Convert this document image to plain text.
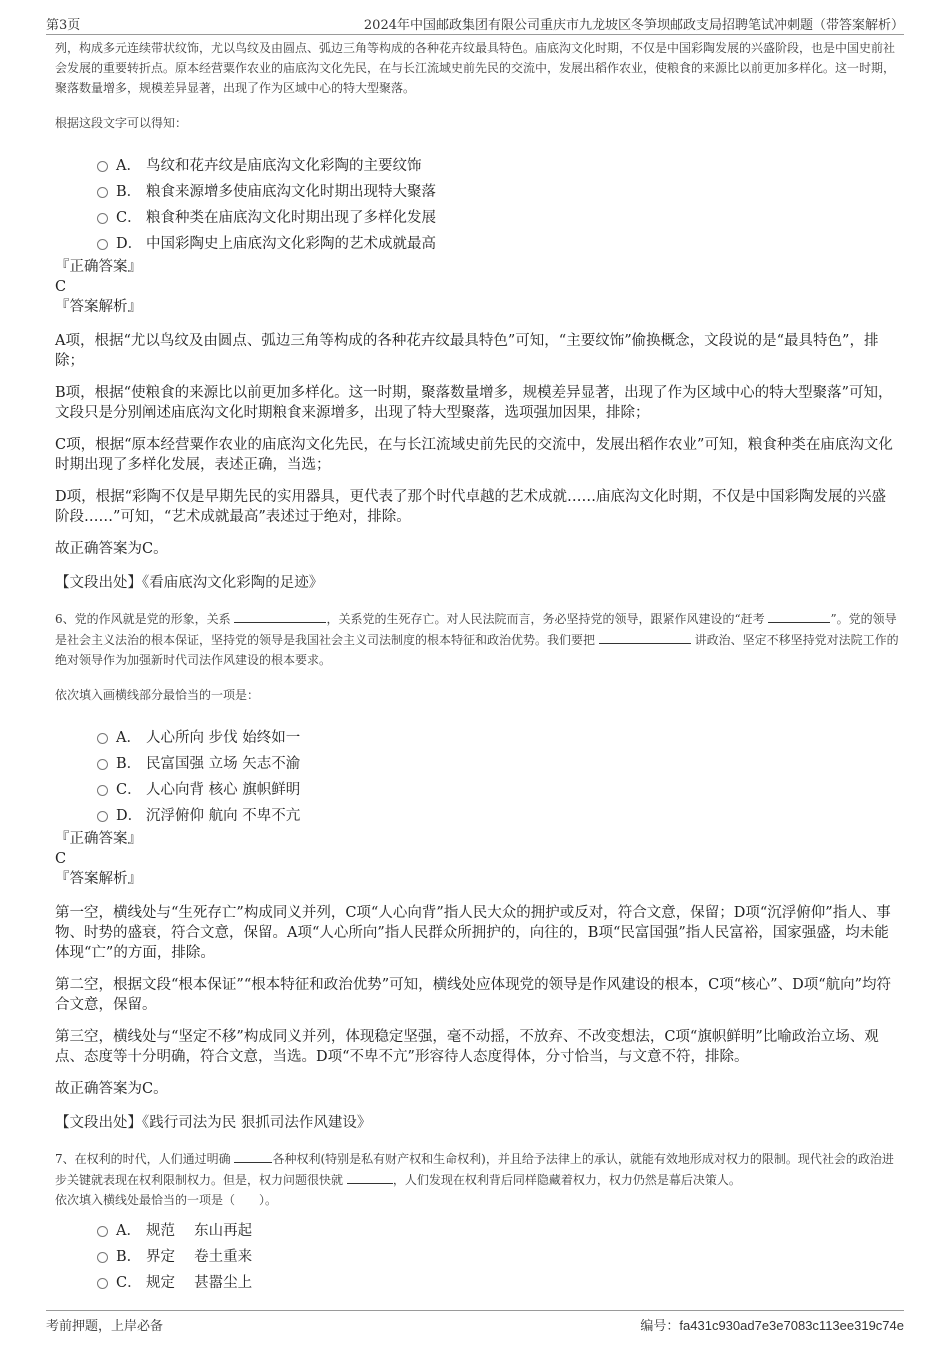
第3页	2024年中国邮政集团有限公司重庆市九龙坡区冬笋坝邮政支局招聘笔试冲刺题（带答案解析）

列，构成多元连续带状纹饰，尤以鸟纹及由圆点、弧边三角等构成的各种花卉纹最具特色。庙底沟文化时期，不仅是中国彩陶发展的兴盛阶段，也是中国史前社会发展的重要转折点。原本经营粟作农业的庙底沟文化先民，在与长江流域史前先民的交流中，发展出稻作农业，使粮食的来源比以前更加多样化。这一时期，聚落数量增多，规模差异显著，出现了作为区域中心的特大型聚落。

根据这段文字可以得知：
A． 鸟纹和花卉纹是庙底沟文化彩陶的主要纹饰
B． 粮食来源增多使庙底沟文化时期出现特大聚落
C． 粮食种类在庙底沟文化时期出现了多样化发展
D． 中国彩陶史上庙底沟文化彩陶的艺术成就最高
『正确答案』
C
『答案解析』

A项，根据“尤以鸟纹及由圆点、弧边三角等构成的各种花卉纹最具特色”可知，“主要纹饰”偷换概念，文段说的是“最具特色”，排除；

B项，根据“使粮食的来源比以前更加多样化。这一时期，聚落数量增多，规模差异显著，出现了作为区域中心的特大型聚落”可知，文段只是分别阐述庙底沟文化时期粮食来源增多，出现了特大型聚落，选项强加因果，排除；

C项，根据“原本经营粟作农业的庙底沟文化先民，在与长江流域史前先民的交流中，发展出稻作农业”可知，粮食种类在庙底沟文化时期出现了多样化发展，表述正确，当选；

D项，根据“彩陶不仅是早期先民的实用器具，更代表了那个时代卓越的艺术成就……庙底沟文化时期，不仅是中国彩陶发展的兴盛阶段……”可知，“艺术成就最高”表述过于绝对，排除。

故正确答案为C。

【文段出处】《看庙底沟文化彩陶的足迹》

6、党的作风就是党的形象，关系	，关系党的生死存亡。对人民法院而言，务必坚持党的领导，跟紧作风建设的“赶考	”。党的领导是社会主义法治的根本保证，坚持党的领导是我国社会主义司法制度的根本特征和政治优势。我们要把	讲政治、坚定不移坚持党对法院工作的绝对领导作为加强新时代司法作风建设的根本要求。

依次填入画横线部分最恰当的一项是：
A． 人心所向 步伐 始终如一
B． 民富国强 立场 矢志不渝
C． 人心向背 核心 旗帜鲜明
D． 沉浮俯仰 航向 不卑不亢
『正确答案』
C
『答案解析』

第一空，横线处与“生死存亡”构成同义并列，C项“人心向背”指人民大众的拥护或反对，符合文意，保留；D项“沉浮俯仰”指人、事物、时势的盛衰，符合文意，保留。A项“人心所向”指人民群众所拥护的，向往的，B项“民富国强”指人民富裕，国家强盛，均未能体现“亡”的方面，排除。

第二空，根据文段“根本保证”“根本特征和政治优势”可知，横线处应体现党的领导是作风建设的根本，C项“核心”、D项“航向”均符合文意，保留。

第三空，横线处与“坚定不移”构成同义并列，体现稳定坚强，毫不动摇，不放弃、不改变想法，C项“旗帜鲜明”比喻政治立场、观点、态度等十分明确，符合文意，当选。D项“不卑不亢”形容待人态度得体，分寸恰当，与文意不符，排除。

故正确答案为C。

【文段出处】《践行司法为民 狠抓司法作风建设》

7、在权利的时代，人们通过明确	各种权利(特别是私有财产权和生命权利)，并且给予法律上的承认，就能有效地形成对权力的限制。现代社会的政治进步关键就表现在权利限制权力。但是，权力问题很快就	，人们发现在权利背后同样隐藏着权力，权力仍然是幕后决策人。

依次填入横线处最恰当的一项是（　　）。
A． 规范　 东山再起
B． 界定　 卷土重来
C． 规定　 甚嚣尘上
考前押题，上岸必备	编号：fa431c930ad7e3e7083c113ee319c74e
